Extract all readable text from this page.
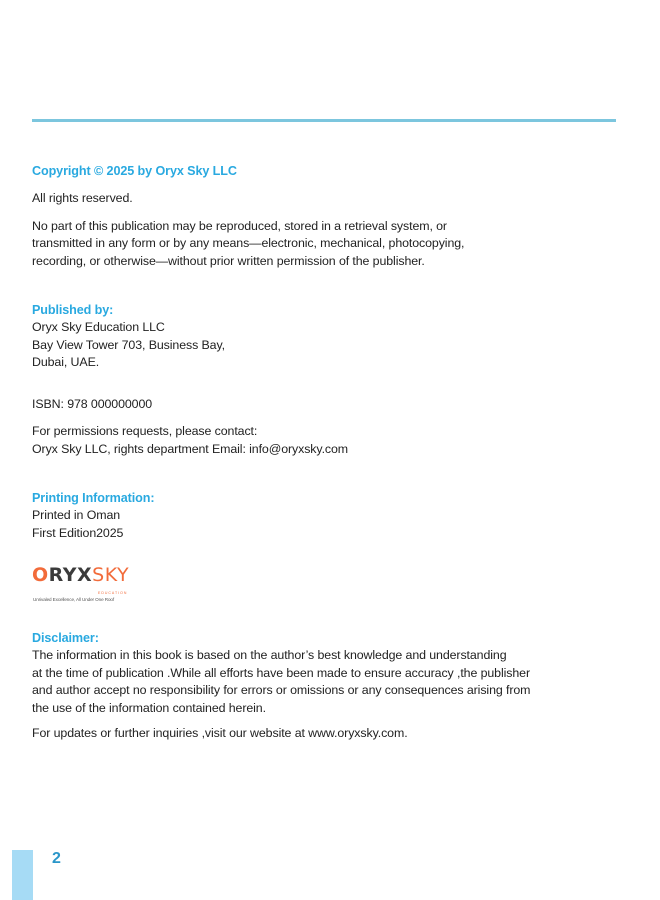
Copyright © 2025 by Oryx Sky LLC

All rights reserved.

No part of this publication may be reproduced, stored in a retrieval system, or

transmitted in any form or by any means—electronic, mechanical, photocopying,

recording, or otherwise—without prior written permission of the publisher.

Published by:

Oryx Sky Education LLC

Bay View Tower 703, Business Bay,

Dubai, UAE.

ISBN: 978 000000000

For permissions requests, please contact:

Oryx Sky LLC, rights department Email: info@oryxsky.com

Printing Information:

Printed in Oman

First Edition2025

ORYXSKY
EDUCATION
Unrivaled Excellence, All Under One Roof

Disclaimer:

The information in this book is based on the author’s best knowledge and understanding

at the time of publication .While all efforts have been made to ensure accuracy ,the publisher

and author accept no responsibility for errors or omissions or any consequences arising from

the use of the information contained herein.

For updates or further inquiries ,visit our website at www.oryxsky.com.

2
